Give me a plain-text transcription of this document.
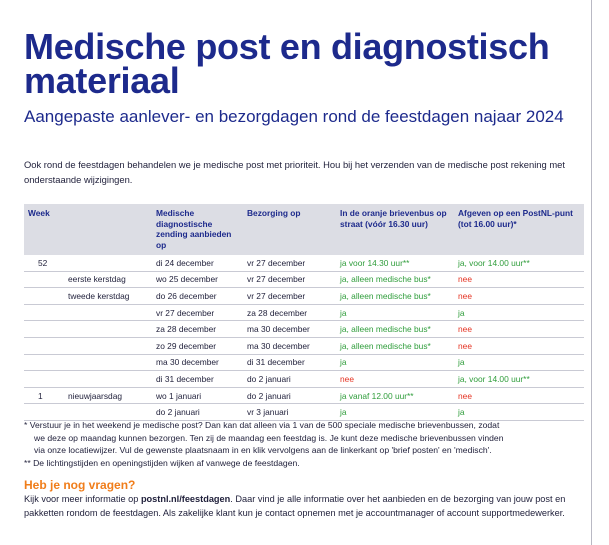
Medische post en diagnostisch materiaal
Aangepaste aanlever- en bezorgdagen rond de feestdagen najaar 2024
Ook rond de feestdagen behandelen we je medische post met prioriteit. Hou bij het verzenden van de medische post rekening met onderstaande wijzigingen.
Week		Medische diagnostische zending aanbieden op	Bezorging op	In de oranje brievenbus op straat (vóór 16.30 uur)	Afgeven op een PostNL-punt (tot 16.00 uur)*
52		di 24 december	vr 27 december	ja voor 14.30 uur**	ja, voor 14.00 uur**
	eerste kerstdag	wo 25 december	vr 27 december	ja, alleen medische bus*	nee
	tweede kerstdag	do 26 december	vr 27 december	ja, alleen medische bus*	nee
		vr 27 december	za 28 december	ja	ja
		za 28 december	ma 30 december	ja, alleen medische bus*	nee
		zo 29 december	ma 30 december	ja, alleen medische bus*	nee
		ma 30 december	di 31 december	ja	ja
		di 31 december	do 2 januari	nee	ja, voor 14.00 uur**
1	nieuwjaarsdag	wo 1 januari	do 2 januari	ja vanaf 12.00 uur**	nee
		do 2 januari	vr 3 januari	ja	ja

* Verstuur je in het weekend je medische post? Dan kan dat alleen via 1 van de 500 speciale medische brievenbussen, zodat

we deze op maandag kunnen bezorgen. Ten zij de maandag een feestdag is. Je kunt deze medische brievenbussen vinden

via onze locatiewijzer. Vul de gewenste plaatsnaam in en klik vervolgens aan de linkerkant op 'brief posten' en 'medisch'.

** De lichtingstijden en openingstijden wijken af vanwege de feestdagen.

Heb je nog vragen?
Kijk voor meer informatie op postnl.nl/feestdagen. Daar vind je alle informatie over het aanbieden en de bezorging van jouw post en pakketten rondom de feestdagen. Als zakelijke klant kun je contact opnemen met je accountmanager of account supportmedewerker.
